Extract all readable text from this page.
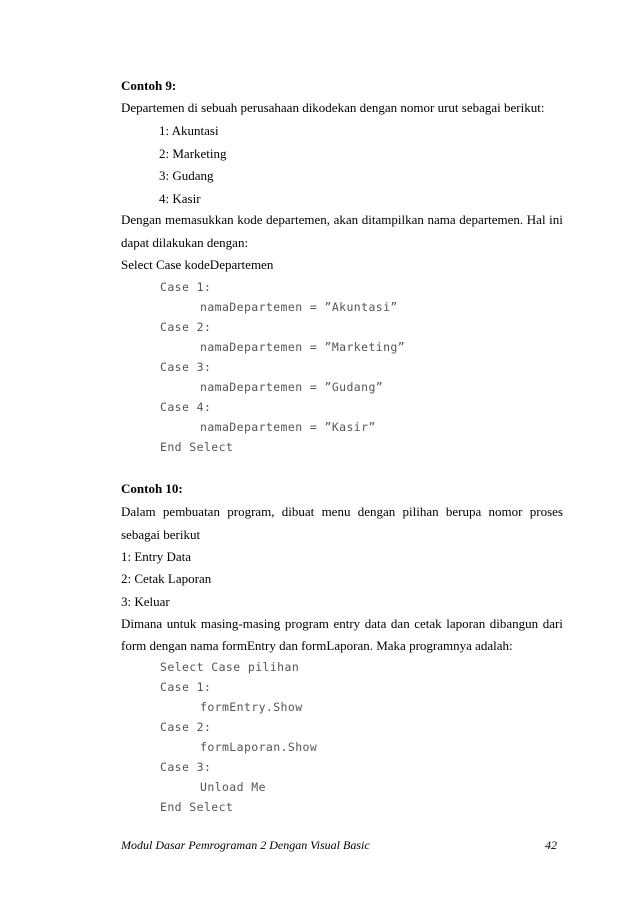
Contoh 9:
Departemen di sebuah perusahaan dikodekan dengan nomor urut sebagai berikut:
1: Akuntasi
2: Marketing
3: Gudang
4: Kasir
Dengan memasukkan kode departemen, akan ditampilkan nama departemen. Hal ini
dapat dilakukan dengan:
Select Case kodeDepartemen
Case 1:
namaDepartemen = ”Akuntasi”
Case 2:
namaDepartemen = ”Marketing”
Case 3:
namaDepartemen = ”Gudang”
Case 4:
namaDepartemen = ”Kasir”
End Select
Contoh 10:
Dalam pembuatan program, dibuat menu dengan pilihan berupa nomor proses
sebagai berikut
1: Entry Data
2: Cetak Laporan
3: Keluar
Dimana untuk masing-masing program entry data dan cetak laporan dibangun dari
form dengan nama formEntry dan formLaporan. Maka programnya adalah:
Select Case pilihan
Case 1:
formEntry.Show
Case 2:
formLaporan.Show
Case 3:
Unload Me
End Select
Modul Dasar Pemrograman 2 Dengan Visual Basic	42
